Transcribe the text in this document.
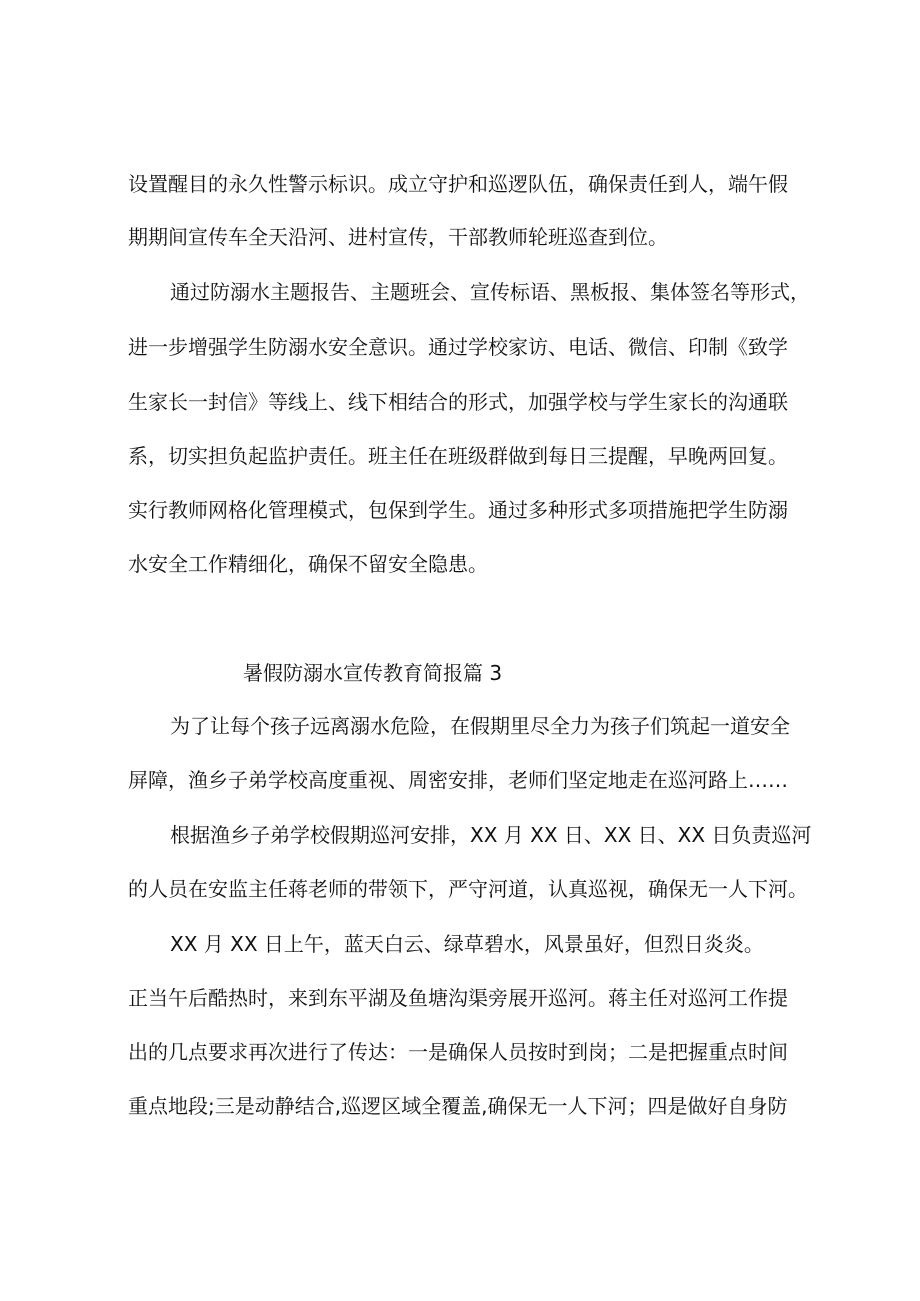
设置醒目的永久性警示标识。成立守护和巡逻队伍，确保责任到人，端午假
期期间宣传车全天沿河、进村宣传，干部教师轮班巡查到位。
通过防溺水主题报告、主题班会、宣传标语、黑板报、集体签名等形式，
进一步增强学生防溺水安全意识。通过学校家访、电话、微信、印制《致学
生家长一封信》等线上、线下相结合的形式，加强学校与学生家长的沟通联
系，切实担负起监护责任。班主任在班级群做到每日三提醒，早晚两回复。
实行教师网格化管理模式，包保到学生。通过多种形式多项措施把学生防溺
水安全工作精细化，确保不留安全隐患。
暑假防溺水宣传教育简报篇 3
为了让每个孩子远离溺水危险，在假期里尽全力为孩子们筑起一道安全
屏障，渔乡子弟学校高度重视、周密安排，老师们坚定地走在巡河路上……
根据渔乡子弟学校假期巡河安排，XX 月 XX 日、XX 日、XX 日负责巡河
的人员在安监主任蒋老师的带领下，严守河道，认真巡视，确保无一人下河。
XX 月 XX 日上午，蓝天白云、绿草碧水，风景虽好，但烈日炎炎。
正当午后酷热时，来到东平湖及鱼塘沟渠旁展开巡河。蒋主任对巡河工作提
出的几点要求再次进行了传达：一是确保人员按时到岗；二是把握重点时间
重点地段;三是动静结合,巡逻区域全覆盖,确保无一人下河；四是做好自身防
